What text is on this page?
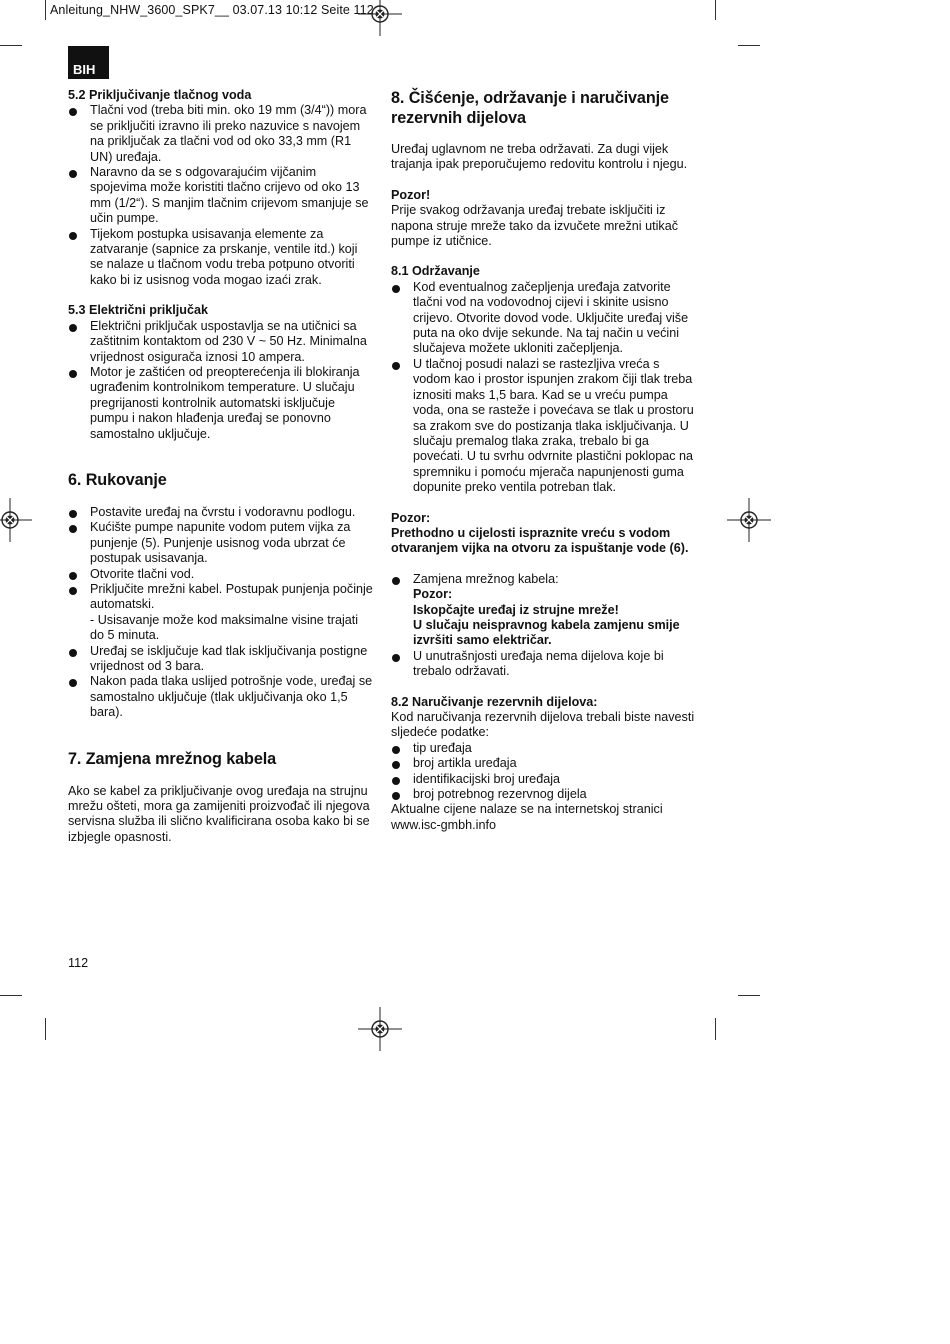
Anleitung_NHW_3600_SPK7__ 03.07.13 10:12 Seite 112
BIH

5.2 Priključivanje tlačnog voda

Tlačni vod (treba biti min. oko 19 mm (3/4“)) mora se priključiti izravno ili preko nazuvice s navojem na priključak za tlačni vod od oko 33,3 mm (R1 UN) uređaja.
Naravno da se s odgovarajućim vijčanim spojevima može koristiti tlačno crijevo od oko 13 mm (1/2“). S manjim tlačnim crijevom smanjuje se učin pumpe.
Tijekom postupka usisavanja elemente za zatvaranje (sapnice za prskanje, ventile itd.) koji se nalaze u tlačnom vodu treba potpuno otvoriti kako bi iz usisnog voda mogao izaći zrak.

5.3 Električni priključak

Električni priključak uspostavlja se na utičnici sa zaštitnim kontaktom od 230 V ~ 50 Hz. Minimalna vrijednost osigurača iznosi 10 ampera.
Motor je zaštićen od preopterećenja ili blokiranja ugrađenim kontrolnikom temperature. U slučaju pregrijanosti kontrolnik automatski isključuje pumpu i nakon hlađenja uređaj se ponovno samostalno uključuje.

6. Rukovanje

Postavite uređaj na čvrstu i vodoravnu podlogu.
Kućište pumpe napunite vodom putem vijka za punjenje (5). Punjenje usisnog voda ubrzat će postupak usisavanja.
Otvorite tlačni vod.
Priključite mrežni kabel. Postupak punjenja počinje automatski.
- Usisavanje može kod maksimalne visine trajati do 5 minuta.
Uređaj se isključuje kad tlak isključivanja postigne vrijednost od 3 bara.
Nakon pada tlaka uslijed potrošnje vode, uređaj se samostalno uključuje (tlak uključivanja oko 1,5 bara).

7. Zamjena mrežnog kabela

Ako se kabel za priključivanje ovog uređaja na strujnu mrežu ošteti, mora ga zamijeniti proizvođač ili njegova servisna služba ili slično kvalificirana osoba kako bi se izbjegle opasnosti.

8. Čišćenje, održavanje i naručivanje rezervnih dijelova

Uređaj uglavnom ne treba održavati. Za dugi vijek trajanja ipak preporučujemo redovitu kontrolu i njegu.

Pozor!

Prije svakog održavanja uređaj trebate isključiti iz napona struje mreže tako da izvučete mrežni utikač pumpe iz utičnice.

8.1 Održavanje

Kod eventualnog začepljenja uređaja zatvorite tlačni vod na vodovodnoj cijevi i skinite usisno crijevo. Otvorite dovod vode. Uključite uređaj više puta na oko dvije sekunde. Na taj način u većini slučajeva možete ukloniti začepljenja.
U tlačnoj posudi nalazi se rastezljiva vreća s vodom kao i prostor ispunjen zrakom čiji tlak treba iznositi maks 1,5 bara. Kad se u vreću pumpa voda, ona se rasteže i povećava se tlak u prostoru sa zrakom sve do postizanja tlaka isključivanja. U slučaju premalog tlaka zraka, trebalo bi ga povećati. U tu svrhu odvrnite plastični poklopac na spremniku i pomoću mjerača napunjenosti guma dopunite preko ventila potreban tlak.

Pozor:

Prethodno u cijelosti ispraznite vreću s vodom otvaranjem vijka na otvoru za ispuštanje vode (6).

Zamjena mrežnog kabela:
Pozor:
Iskopčajte uređaj iz strujne mreže!
U slučaju neispravnog kabela zamjenu smije izvršiti samo električar.
U unutrašnjosti uređaja nema dijelova koje bi trebalo održavati.

8.2 Naručivanje rezervnih dijelova:

Kod naručivanja rezervnih dijelova trebali biste navesti sljedeće podatke:

tip uređaja
broj artikla uređaja
identifikacijski broj uređaja
broj potrebnog rezervnog dijela

Aktualne cijene nalaze se na internetskoj stranici www.isc-gmbh.info

112
